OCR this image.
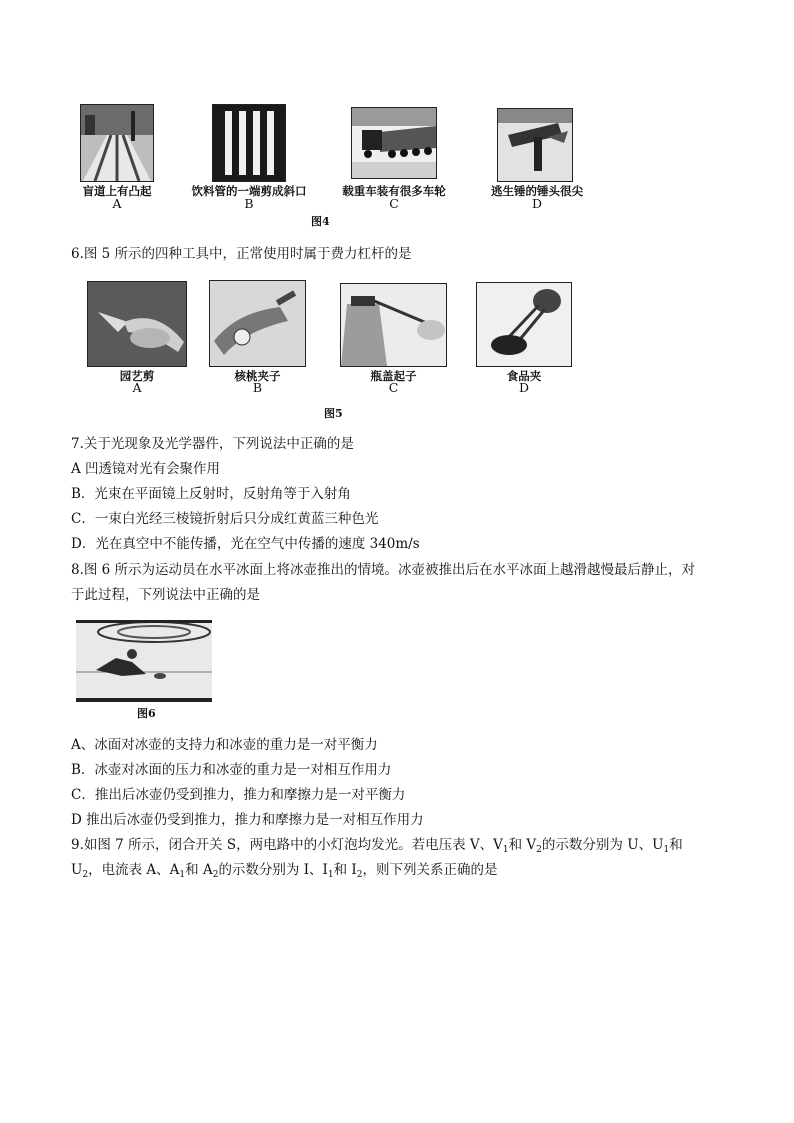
盲道上有凸起
A
饮料管的一端剪成斜口
B
载重车装有很多车轮
C
逃生锤的锤头很尖
D
图4
6.图 5 所示的四种工具中，正常使用时属于费力杠杆的是
园艺剪
A
核桃夹子
B
瓶盖起子
C
食品夹
D
图5
7.关于光现象及光学器件，下列说法中正确的是
A 凹透镜对光有会聚作用
B．光束在平面镜上反射时，反射角等于入射角
C．一束白光经三棱镜折射后只分成红黄蓝三种色光
D．光在真空中不能传播，光在空气中传播的速度 340m/s
8.图 6 所示为运动员在水平冰面上将冰壶推出的情境。冰壶被推出后在水平冰面上越滑越慢最后静止，对
于此过程，下列说法中正确的是
图6
A、冰面对冰壶的支持力和冰壶的重力是一对平衡力
B．冰壶对冰面的压力和冰壶的重力是一对相互作用力
C．推出后冰壶仍受到推力，推力和摩擦力是一对平衡力
D 推出后冰壶仍受到推力，推力和摩擦力是一对相互作用力
9.如图 7 所示，闭合开关 S，两电路中的小灯泡均发光。若电压表 V、$V_1$和 $V_2$的示数分别为 U、$U_1$和
$U_2$，电流表 A、$A_1$和 $A_2$的示数分别为 I、$I_1$和 $I_2$，则下列关系正确的是
